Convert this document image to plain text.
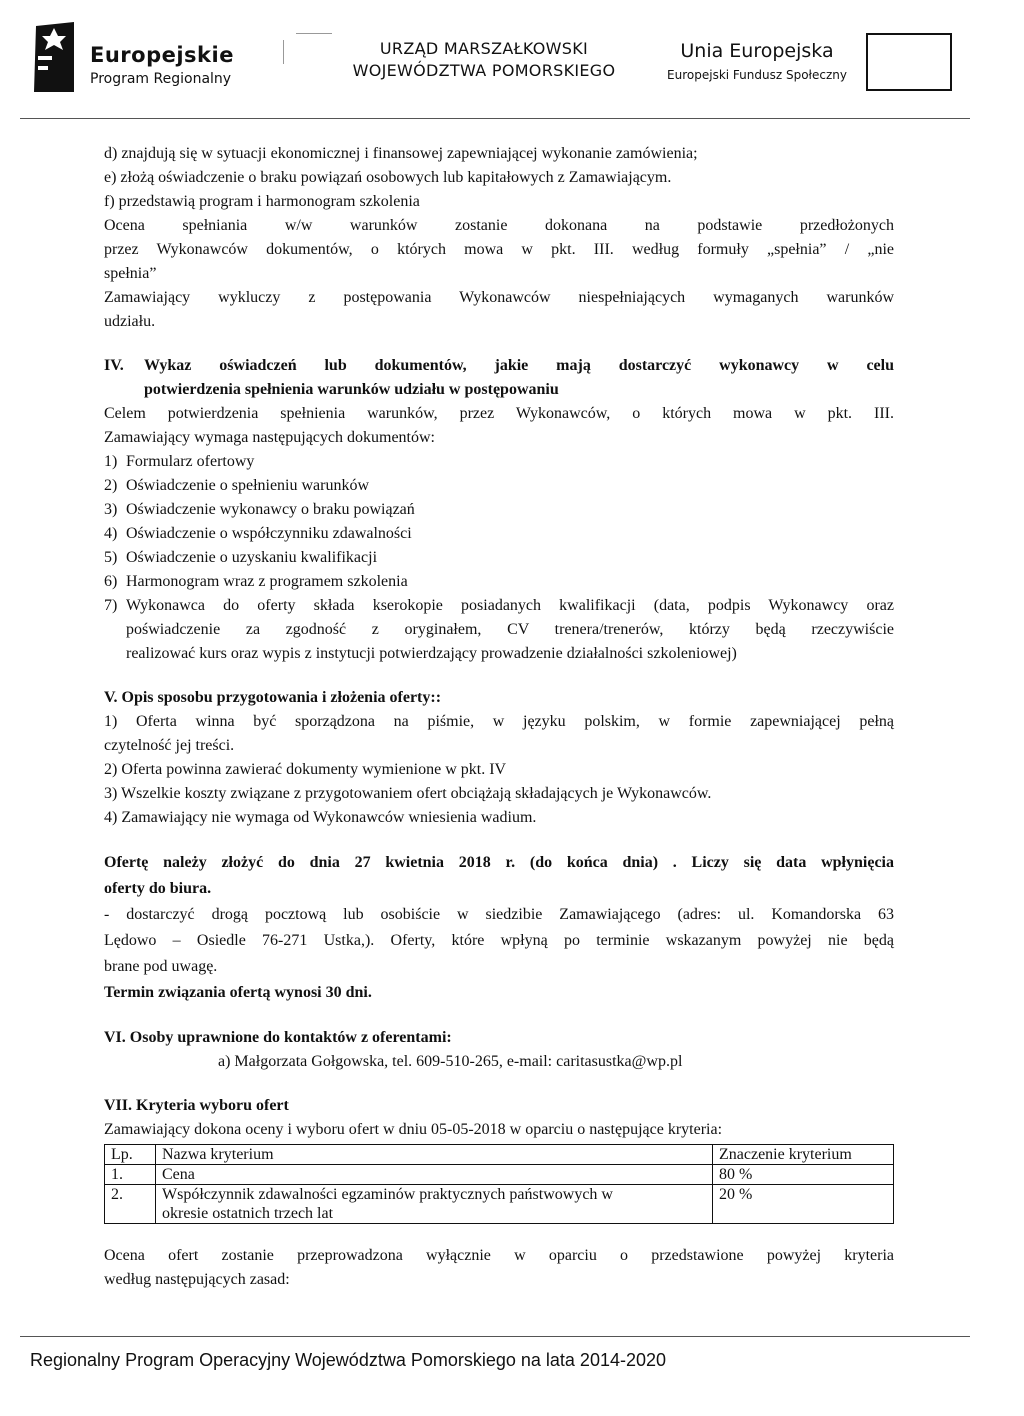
Europejskie
Program Regionalny
URZĄD MARSZAŁKOWSKI
WOJEWÓDZTWA POMORSKIEGO
Unia Europejska
Europejski Fundusz Społeczny

d) znajdują się w sytuacji ekonomicznej i finansowej zapewniającej wykonanie zamówienia;

e) złożą oświadczenie o braku powiązań osobowych lub kapitałowych z Zamawiającym.

f) przedstawią program i harmonogram szkolenia

Ocena spełniania w/w warunków zostanie dokonana na podstawie przedłożonych

przez Wykonawców dokumentów, o których mowa w pkt. III. według formuły „spełnia” / „nie

spełnia”

Zamawiający wykluczy z postępowania Wykonawców niespełniających wymaganych warunków

udziału.

IV.	Wykaz oświadczeń lub dokumentów, jakie mają dostarczyć wykonawcy w celu

potwierdzenia spełnienia warunków udziału w postępowaniu

Celem potwierdzenia spełnienia warunków, przez Wykonawców, o których mowa w pkt. III.

Zamawiający wymaga następujących dokumentów:

1) Formularz ofertowy
2) Oświadczenie o spełnieniu warunków
3) Oświadczenie wykonawcy o braku powiązań
4) Oświadczenie o współczynniku zdawalności
5) Oświadczenie o uzyskaniu kwalifikacji
6) Harmonogram wraz z programem szkolenia
7) Wykonawca do oferty składa kserokopie posiadanych kwalifikacji (data, podpis Wykonawcy oraz
poświadczenie za zgodność z oryginałem, CV trenera/trenerów, którzy będą rzeczywiście
realizować kurs oraz wypis z instytucji potwierdzający prowadzenie działalności szkoleniowej)

V. Opis sposobu przygotowania i złożenia oferty::

1) Oferta winna być sporządzona na piśmie, w języku polskim, w formie zapewniającej pełną

czytelność jej treści.

2) Oferta powinna zawierać dokumenty wymienione w pkt. IV

3) Wszelkie koszty związane z przygotowaniem ofert obciążają składających je Wykonawców.

4) Zamawiający nie wymaga od Wykonawców wniesienia wadium.

Ofertę należy złożyć do dnia 27 kwietnia 2018 r. (do końca dnia) . Liczy się data wpłynięcia

oferty do biura.

- dostarczyć drogą pocztową lub osobiście w siedzibie Zamawiającego (adres: ul. Komandorska 63

Lędowo – Osiedle 76-271 Ustka,). Oferty, które wpłyną po terminie wskazanym powyżej nie będą

brane pod uwagę.

Termin związania ofertą wynosi 30 dni.

VI. Osoby uprawnione do kontaktów z oferentami:

a) Małgorzata Gołgowska, tel. 609-510-265, e-mail: caritasustka@wp.pl

VII. Kryteria wyboru ofert

Zamawiający dokona oceny i wyboru ofert w dniu 05-05-2018 w oparciu o następujące kryteria:

Lp.	Nazwa kryterium	Znaczenie kryterium
1.	Cena	80 %
2.	Współczynnik zdawalności egzaminów praktycznych państwowych w
okresie ostatnich trzech lat	20 %

Ocena ofert zostanie przeprowadzona wyłącznie w oparciu o przedstawione powyżej kryteria

według następujących zasad:

Regionalny Program Operacyjny Województwa Pomorskiego na lata 2014-2020
